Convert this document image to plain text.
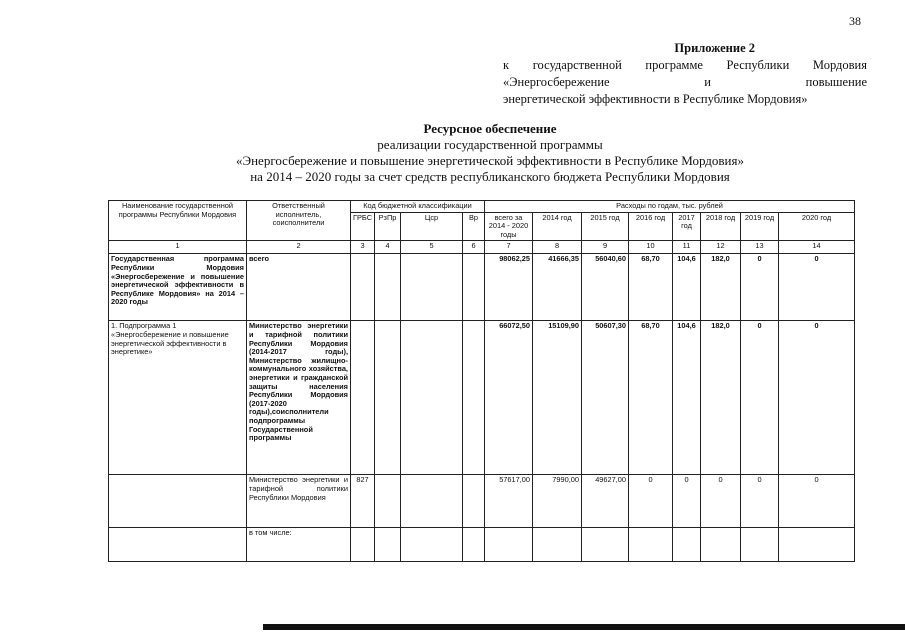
38
Приложение 2
к государственной программе Республики Мордовия
«Энергосбережение и повышение
энергетической эффективности в Республике Мордовия»
Ресурсное обеспечение
реализации государственной программы
«Энергосбережение и повышение энергетической эффективности в Республике Мордовия»
на 2014 – 2020 годы за счет средств республиканского бюджета Республики Мордовия
Наименование государственной программы Республики Мордовия	Ответственный исполнитель, соисполнители	Код бюджетной классификации				Расходы по годам, тыс. рублей							
		ГРБС	РзПр	Цср	Вр	всего за 2014 - 2020 годы	2014 год	2015 год	2016 год	2017 год	2018 год	2019 год	2020 год
1	2	3	4	5	6	7	8	9	10	11	12	13	14
Государственная программа Республики Мордовия «Энергосбережение и повышение энергетической эффективности в Республике Мордовия» на 2014 – 2020 годы	всего					98062,25	41666,35	56040,60	68,70	104,6	182,0	0	0
1. Подпрограмма 1 «Энергосбережение и повышение энергетической эффективности в энергетике»	Министерство энергетики и тарифной политики Республики Мордовия (2014-2017 годы), Министерство жилищно-коммунального хозяйства, энергетики и гражданской защиты населения Республики Мордовия (2017-2020 годы),соисполнители подпрограммы Государственной программы					66072,50	15109,90	50607,30	68,70	104,6	182,0	0	0
	Министерство энергетики и тарифной политики Республики Мордовия	827				57617,00	7990,00	49627,00	0	0	0	0	0
	в том числе:												
